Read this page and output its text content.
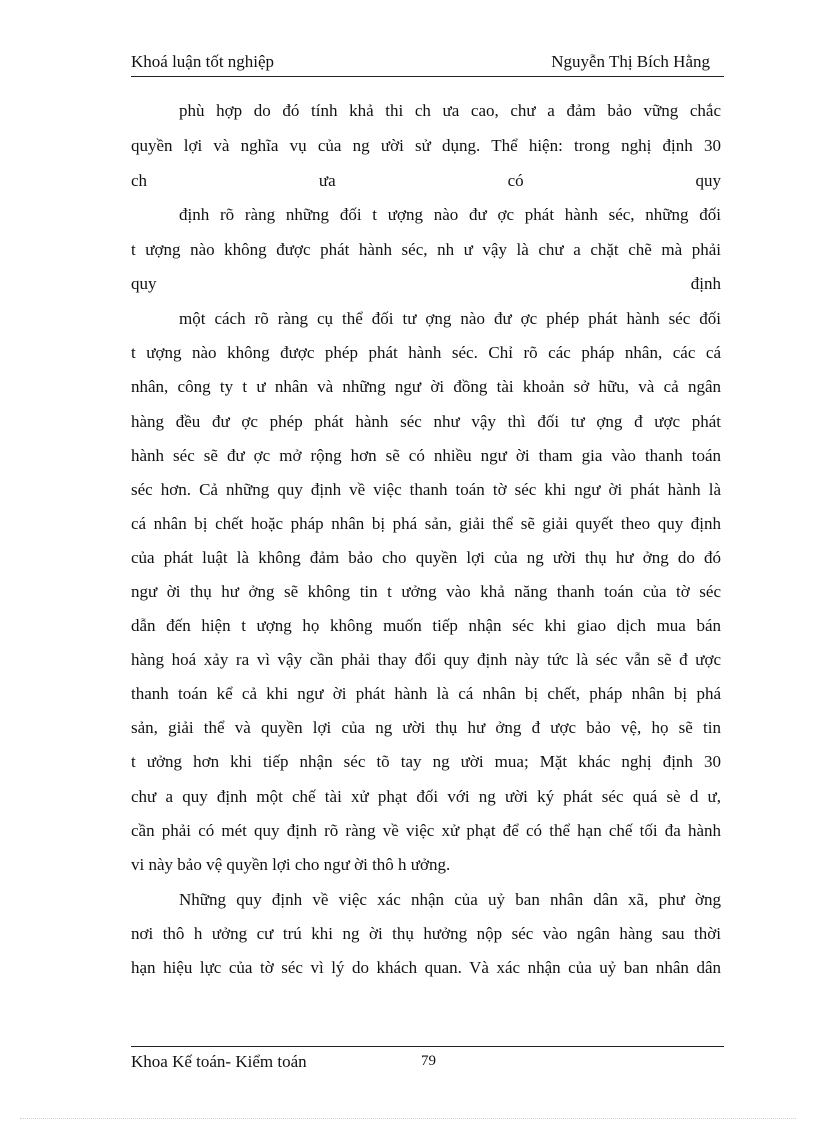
Khoá luận tốt nghiệp	Nguyễn Thị Bích Hằng
phù hợp do đó tính khả thi ch ưa cao, chư a đảm bảo vững chắc
quyền lợi và nghĩa vụ của ng ười sử dụng. Thể hiện: trong nghị định 30
ch ưa có quy
định rõ ràng những đối t ượng nào đư ợc phát hành séc, những đối
t ượng nào không được phát hành séc, nh ư vậy là chư a chặt chẽ mà phải
quy định
một cách rõ ràng cụ thể đối tư ợng nào đư ợc phép phát hành séc đối
t ượng nào không được phép phát hành séc. Chỉ rõ các pháp nhân, các cá
nhân, công ty t ư nhân và những ngư ời đồng tài khoản sở hữu, và cả ngân
hàng đều đư ợc phép phát hành séc như vậy thì đối tư ợng đ ược phát
hành séc sẽ đư ợc mở rộng hơn sẽ có nhiều ngư ời tham gia vào thanh toán
séc hơn. Cả những quy định về việc thanh toán tờ séc khi ngư ời phát hành là
cá nhân bị chết hoặc pháp nhân bị phá sản, giải thể sẽ giải quyết theo quy định
của phát luật là không đảm bảo cho quyền lợi của ng ười thụ hư ởng do đó
ngư ời thụ hư ởng sẽ không tin t ưởng vào khả năng thanh toán của tờ séc
dẫn đến hiện t ượng họ không muốn tiếp nhận séc khi giao dịch mua bán
hàng hoá xảy ra vì vậy cần phải thay đổi quy định này tức là séc vẫn sẽ đ ược
thanh toán kể cả khi ngư ời phát hành là cá nhân bị chết, pháp nhân bị phá
sản, giải thể và quyền lợi của ng ười thụ hư ởng đ ược bảo vệ, họ sẽ tin
t ưởng hơn khi tiếp nhận séc tõ tay ng ười mua; Mặt khác nghị định 30
chư a quy định một chế tài xử phạt đối với ng ười ký phát séc quá sè d ư,
cần phải có mét quy định rõ ràng về việc xử phạt để có thể hạn chế tối đa hành
vi này bảo vệ quyền lợi cho ngư ời thô h ưởng.
Những quy định về việc xác nhận của uỷ ban nhân dân xã, phư ờng
nơi thô h ưởng cư trú khi ng ời thụ hưởng nộp séc vào ngân hàng sau thời
hạn hiệu lực của tờ séc vì lý do khách quan. Và xác nhận của uỷ ban nhân dân
Khoa Kế toán- Kiểm toán	79
